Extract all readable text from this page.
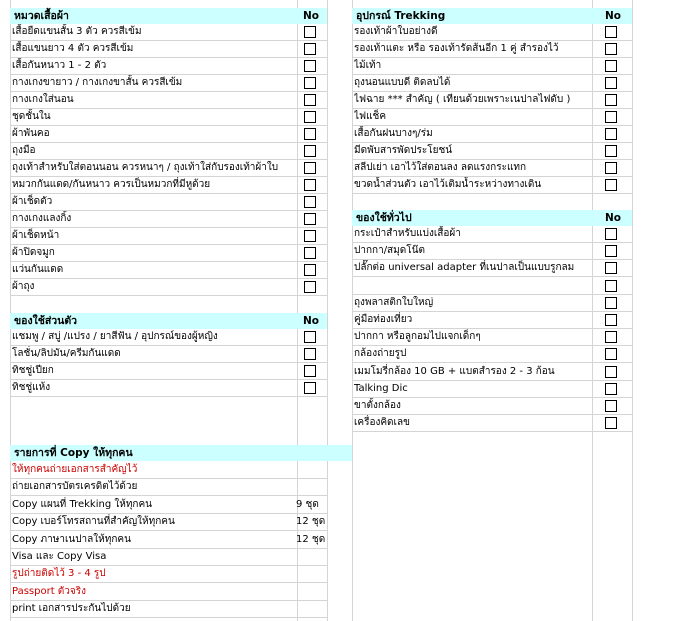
หมวดเสื้อผ้า	No
เสื้อยืดแขนสั้น 3 ตัว ควรสีเข้ม
เสื้อแขนยาว 4 ตัว ควรสีเข้ม
เสื้อกันหนาว 1 - 2 ตัว
กางเกงขายาว / กางเกงขาสั้น ควรสีเข้ม
กางเกงใส่นอน
ชุดชั้นใน
ผ้าพันคอ
ถุงมือ
ถุงเท้าสำหรับใส่ตอนนอน ควรหนาๆ / ถุงเท้าใส่กับรองเท้าผ้าใบ
หมวกกันแดด/กันหนาว ควรเป็นหมวกที่มีหูด้วย
ผ้าเช็ดตัว
กางเกงแลงกิ้ง
ผ้าเช็ดหน้า
ผ้าปิดจมูก
แว่นกันแดด
ผ้าถุง
ของใช้ส่วนตัว	No
แชมพู / สบู่ /แปรง / ยาสีฟัน / อุปกรณ์ของผู้หญิง
โลชั่น/ลิปมัน/ครีมกันแดด
ทิชชู่เปียก
ทิชชู่แห้ง
รายการที่ Copy ให้ทุกคน
ให้ทุกคนถ่ายเอกสารสำคัญไว้
ถ่ายเอกสารบัตรเครดิตไว้ด้วย
Copy แผนที่ Trekking ให้ทุกคน	9 ชุด
Copy เบอร์โทรสถานที่สำคัญให้ทุกคน	12 ชุด
Copy ภาษาเนปาลให้ทุกคน	12 ชุด
Visa และ Copy Visa
รูปถ่ายติดไว้ 3 - 4 รูป
Passport ตัวจริง
print เอกสารประกันไปด้วย
อุปกรณ์ Trekking	No
รองเท้าผ้าใบอย่างดี
รองเท้าแตะ หรือ รองเท้ารัดส้นอีก 1 คู่ สำรองไว้
ไม้เท้า
ถุงนอนแบบดี ติดลบได้
ไฟฉาย *** สำคัญ ( เทียนด้วยเพราะเนปาลไฟดับ )
ไฟแช็ค
เสื้อกันฝนบางๆ/ร่ม
มีดพับสารพัดประโยชน์
สลีปเย่า เอาไว้ใส่ตอนลง ลดแรงกระแทก
ขวดน้ำส่วนตัว เอาไว้เติมน้ำระหว่างทางเดิน
ของใช้ทั่วไป	No
กระเป๋าสำหรับแบ่งเสื้อผ้า
ปากกา/สมุดโน๊ต
ปลั๊กต่อ universal adapter ที่เนปาลเป็นแบบรูกลม
ถุงพลาสติกใบใหญ่
คู่มือท่องเที่ยว
ปากกา หรือลูกอมไปแจกเด็กๆ
กล้องถ่ายรูป
เมมโมรี่กล้อง 10 GB + แบตสำรอง 2 - 3 ก้อน
Talking Dic
ขาตั้งกล้อง
เครื่องคิดเลข
